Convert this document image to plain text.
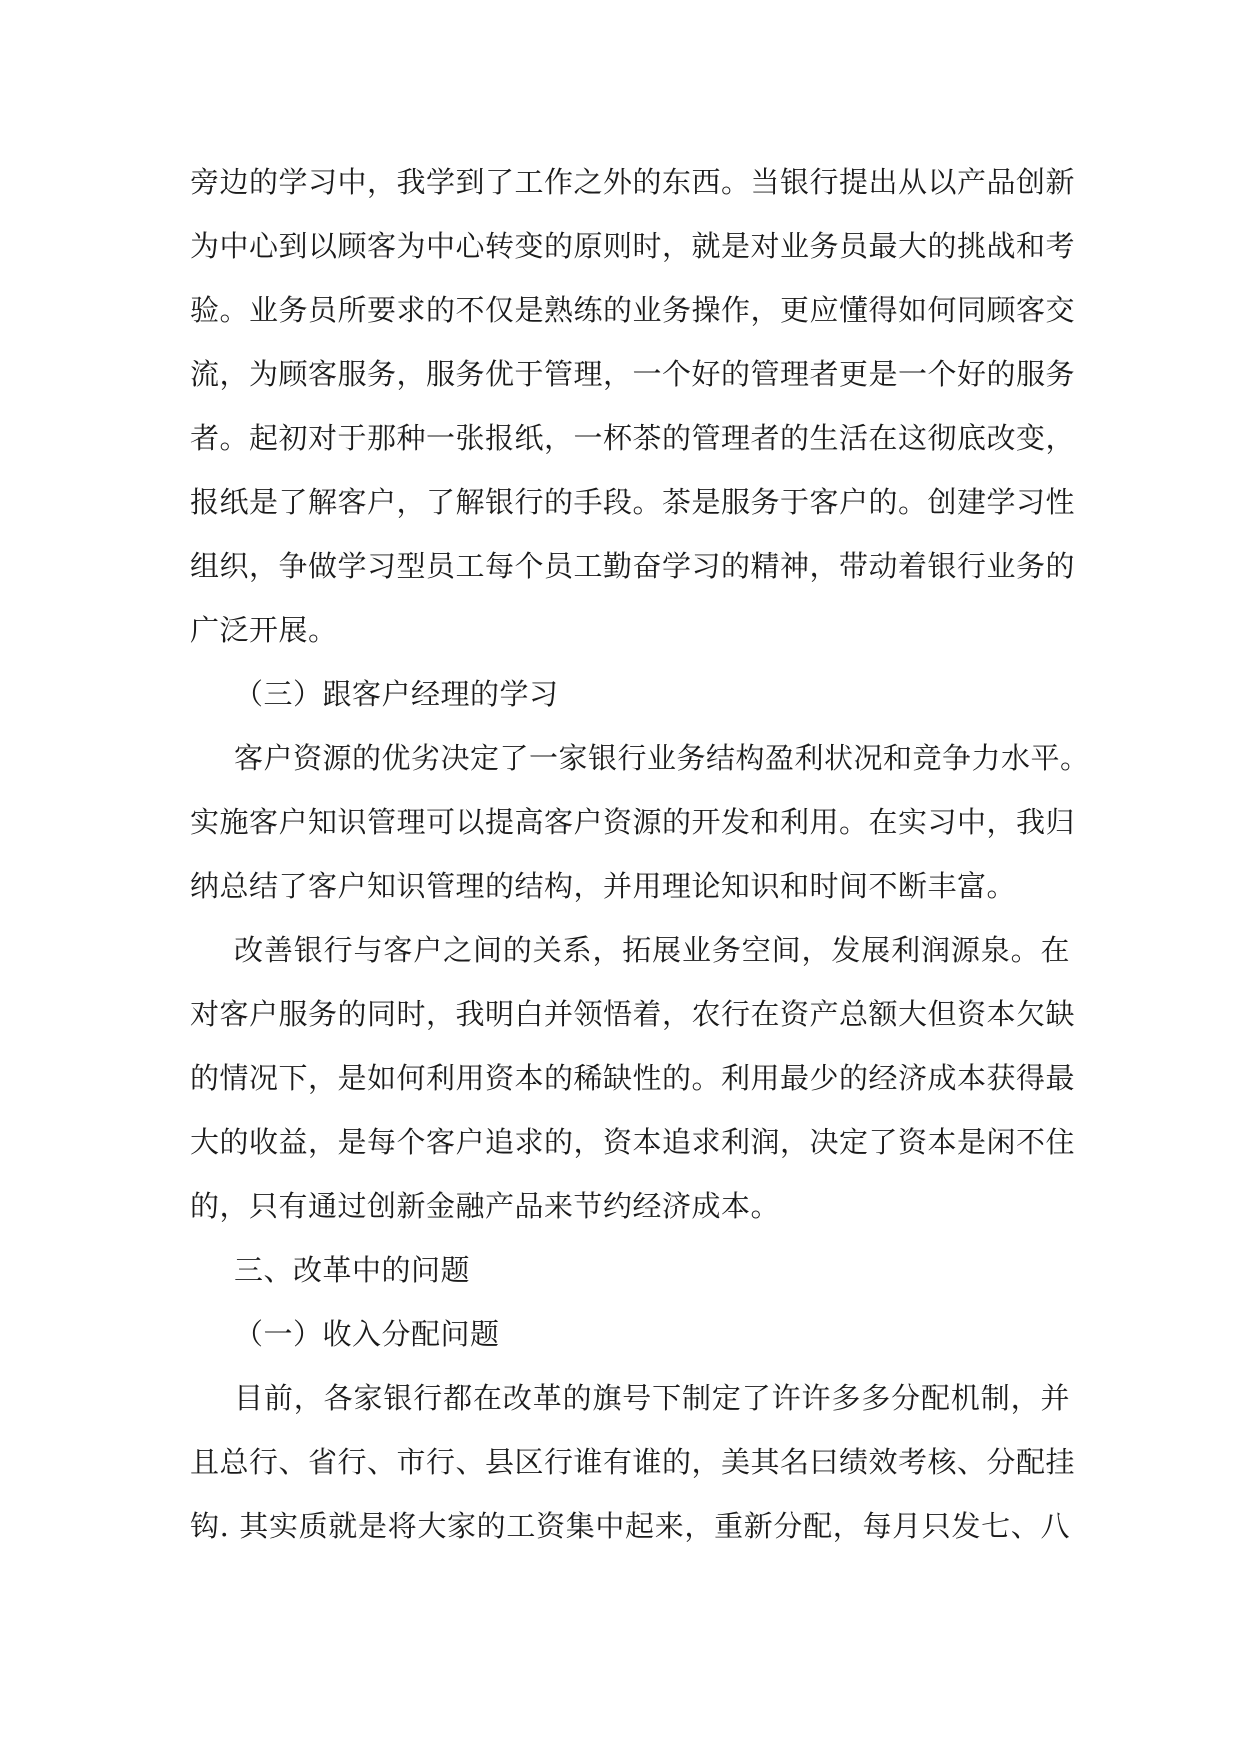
旁边的学习中，我学到了工作之外的东西。当银行提出从以产品创新
为中心到以顾客为中心转变的原则时，就是对业务员最大的挑战和考
验。业务员所要求的不仅是熟练的业务操作，更应懂得如何同顾客交
流，为顾客服务，服务优于管理，一个好的管理者更是一个好的服务
者。起初对于那种一张报纸，一杯茶的管理者的生活在这彻底改变，
报纸是了解客户，了解银行的手段。茶是服务于客户的。创建学习性
组织，争做学习型员工每个员工勤奋学习的精神，带动着银行业务的
广泛开展。
（三）跟客户经理的学习
客户资源的优劣决定了一家银行业务结构盈利状况和竞争力水平。
实施客户知识管理可以提高客户资源的开发和利用。在实习中，我归
纳总结了客户知识管理的结构，并用理论知识和时间不断丰富。
改善银行与客户之间的关系，拓展业务空间，发展利润源泉。在
对客户服务的同时，我明白并领悟着，农行在资产总额大但资本欠缺
的情况下，是如何利用资本的稀缺性的。利用最少的经济成本获得最
大的收益，是每个客户追求的，资本追求利润，决定了资本是闲不住
的，只有通过创新金融产品来节约经济成本。
三、改革中的问题
（一）收入分配问题
目前，各家银行都在改革的旗号下制定了许许多多分配机制，并
且总行、省行、市行、县区行谁有谁的，美其名曰绩效考核、分配挂
钩. 其实质就是将大家的工资集中起来，重新分配，每月只发七、八
